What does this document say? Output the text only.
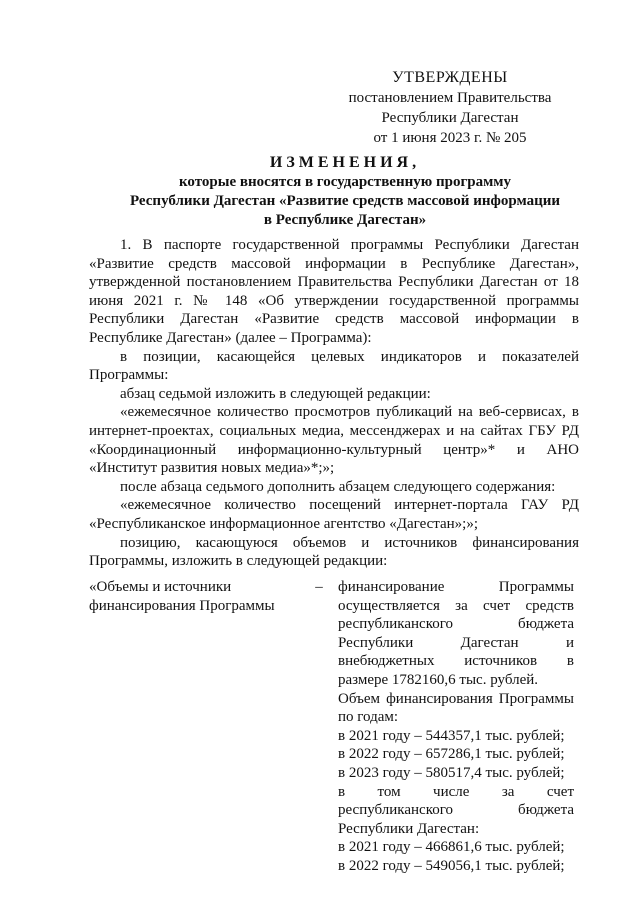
УТВЕРЖДЕНЫ
постановлением Правительства
Республики Дагестан
от 1 июня 2023 г. № 205
ИЗМЕНЕНИЯ,
которые вносятся в государственную программу
Республики Дагестан «Развитие средств массовой информации
в Республике Дагестан»

1. В паспорте государственной программы Республики Дагестан «Развитие средств массовой информации в Республике Дагестан», утвержденной постановлением Правительства Республики Дагестан от 18 июня 2021 г. № 148 «Об утверждении государственной программы Республики Дагестан «Развитие средств массовой информации в Республике Дагестан» (далее – Программа):

в позиции, касающейся целевых индикаторов и показателей Программы:

абзац седьмой изложить в следующей редакции:

«ежемесячное количество просмотров публикаций на веб-сервисах, в интернет-проектах, социальных медиа, мессенджерах и на сайтах ГБУ РД «Координационный информационно-культурный центр»* и АНО «Институт развития новых медиа»*;»;

после абзаца седьмого дополнить абзацем следующего содержания:

«ежемесячное количество посещений интернет-портала ГАУ РД «Республиканское информационное агентство «Дагестан»;»;

позицию, касающуюся объемов и источников финансирования Программы, изложить в следующей редакции:

«Объемы и источники финансирования Программы
– финансирование Программы осуществляется за счет средств республиканского бюджета Республики Дагестан и внебюджетных источников в размере 1782160,6 тыс. рублей.

Объем финансирования Программы по годам:

в 2021 году – 544357,1 тыс. рублей;

в 2022 году – 657286,1 тыс. рублей;

в 2023 году – 580517,4 тыс. рублей;

в том числе за счет республиканского бюджета Республики Дагестан:

в 2021 году – 466861,6 тыс. рублей;

в 2022 году – 549056,1 тыс. рублей;
